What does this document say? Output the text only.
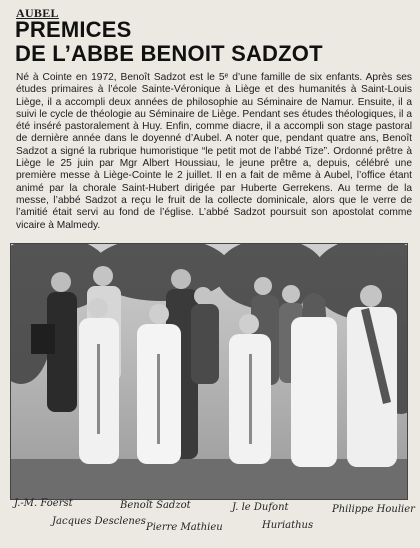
AUBEL
PREMICES
DE L’ABBE BENOIT SADZOT

Né à Cointe en 1972, Benoît Sadzot est le 5ᵉ d’une famille de six enfants. Après ses études primaires à l’école Sainte-Véronique à Liège et des humanités à Saint-Louis Liège, il a accompli deux années de philosophie au Séminaire de Namur. Ensuite, il a suivi le cycle de théologie au Séminaire de Liège. Pendant ses études théologiques, il a été inséré pastoralement à Huy. Enfin, comme diacre, il a accompli son stage pastoral de dernière année dans le doyenné d’Aubel. A noter que, pendant quatre ans, Benoît Sadzot a signé la rubrique humoristique “le petit mot de l’abbé Tize”. Ordonné prêtre à Liège le 25 juin par Mgr Albert Houssiau, le jeune prêtre a, depuis, célébré une première messe à Liège-Cointe le 2 juillet. Il en a fait de même à Aubel, l’office étant animé par la chorale Saint-Hubert dirigée par Huberte Gerrekens. Au terme de la messe, l’abbé Sadzot a reçu le fruit de la collecte dominicale, alors que le verre de l’amitié était servi au fond de l’église. L’abbé Sadzot poursuit son apostolat comme vicaire à Malmedy.

J.-M. Foerst
Jacques Desclenes
Benoît Sadzot
Pierre Mathieu
J. le Dufont
Huriathus
Philippe Houlier
